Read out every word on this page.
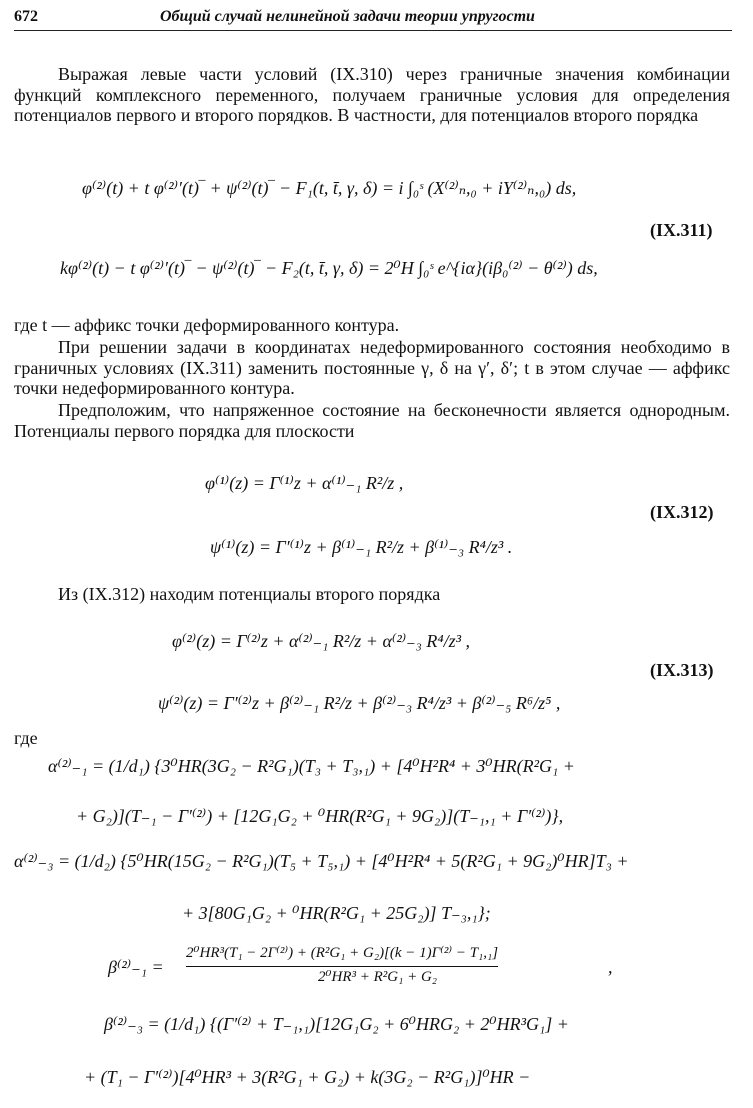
672	Общий случай нелинейной задачи теории упругости

Выражая левые части условий (IX.310) через граничные значения комбинации функций комплексного переменного, получаем граничные условия для определения потенциалов первого и второго порядков. В частности, для потенциалов второго порядка

φ⁽²⁾(t) + t φ⁽²⁾′(t)‾ + ψ⁽²⁾(t)‾ − F₁(t, t̄, γ, δ) = i ∫₀ˢ (X⁽²⁾ₙ,₀ + iY⁽²⁾ₙ,₀) ds,
(IX.311)
kφ⁽²⁾(t) − t φ⁽²⁾′(t)‾ − ψ⁽²⁾(t)‾ − F₂(t, t̄, γ, δ) = 2⁰H ∫₀ˢ e^{iα}(iβ₀⁽²⁾ − θ⁽²⁾) ds,

где t — аффикс точки деформированного контура.

При решении задачи в координатах недеформированного состояния необходимо в граничных условиях (IX.311) заменить постоянные γ, δ на γ′, δ′; t в этом случае — аффикс точки недеформированного контура.

Предположим, что напряженное состояние на бесконечности является однородным. Потенциалы первого порядка для плоскости

φ⁽¹⁾(z) = Γ⁽¹⁾z + α⁽¹⁾₋₁ R²/z ,
(IX.312)
ψ⁽¹⁾(z) = Γ′⁽¹⁾z + β⁽¹⁾₋₁ R²/z + β⁽¹⁾₋₃ R⁴/z³ .

Из (IX.312) находим потенциалы второго порядка

φ⁽²⁾(z) = Γ⁽²⁾z + α⁽²⁾₋₁ R²/z + α⁽²⁾₋₃ R⁴/z³ ,
(IX.313)
ψ⁽²⁾(z) = Γ′⁽²⁾z + β⁽²⁾₋₁ R²/z + β⁽²⁾₋₃ R⁴/z³ + β⁽²⁾₋₅ R⁶/z⁵ ,

где

α⁽²⁾₋₁ = (1/d₁) {3⁰HR(3G₂ − R²G₁)(T₃ + T₃,₁) + [4⁰H²R⁴ + 3⁰HR(R²G₁ +
+ G₂)](T₋₁ − Γ′⁽²⁾) + [12G₁G₂ + ⁰HR(R²G₁ + 9G₂)](T₋₁,₁ + Γ′⁽²⁾)},
α⁽²⁾₋₃ = (1/d₂) {5⁰HR(15G₂ − R²G₁)(T₅ + T₅,₁) + [4⁰H²R⁴ + 5(R²G₁ + 9G₂)⁰HR]T₃ +
+ 3[80G₁G₂ + ⁰HR(R²G₁ + 25G₂)] T₋₃,₁};
β⁽²⁾₋₁ =
2⁰HR³(T₁ − 2Γ⁽²⁾) + (R²G₁ + G₂)[(k − 1)Γ⁽²⁾ − T₁,₁]
2⁰HR³ + R²G₁ + G₂	,
β⁽²⁾₋₃ = (1/d₁) {(Γ′⁽²⁾ + T₋₁,₁)[12G₁G₂ + 6⁰HRG₂ + 2⁰HR³G₁] +
+ (T₁ − Γ′⁽²⁾)[4⁰HR³ + 3(R²G₁ + G₂) + k(3G₂ − R²G₁)]⁰HR −
